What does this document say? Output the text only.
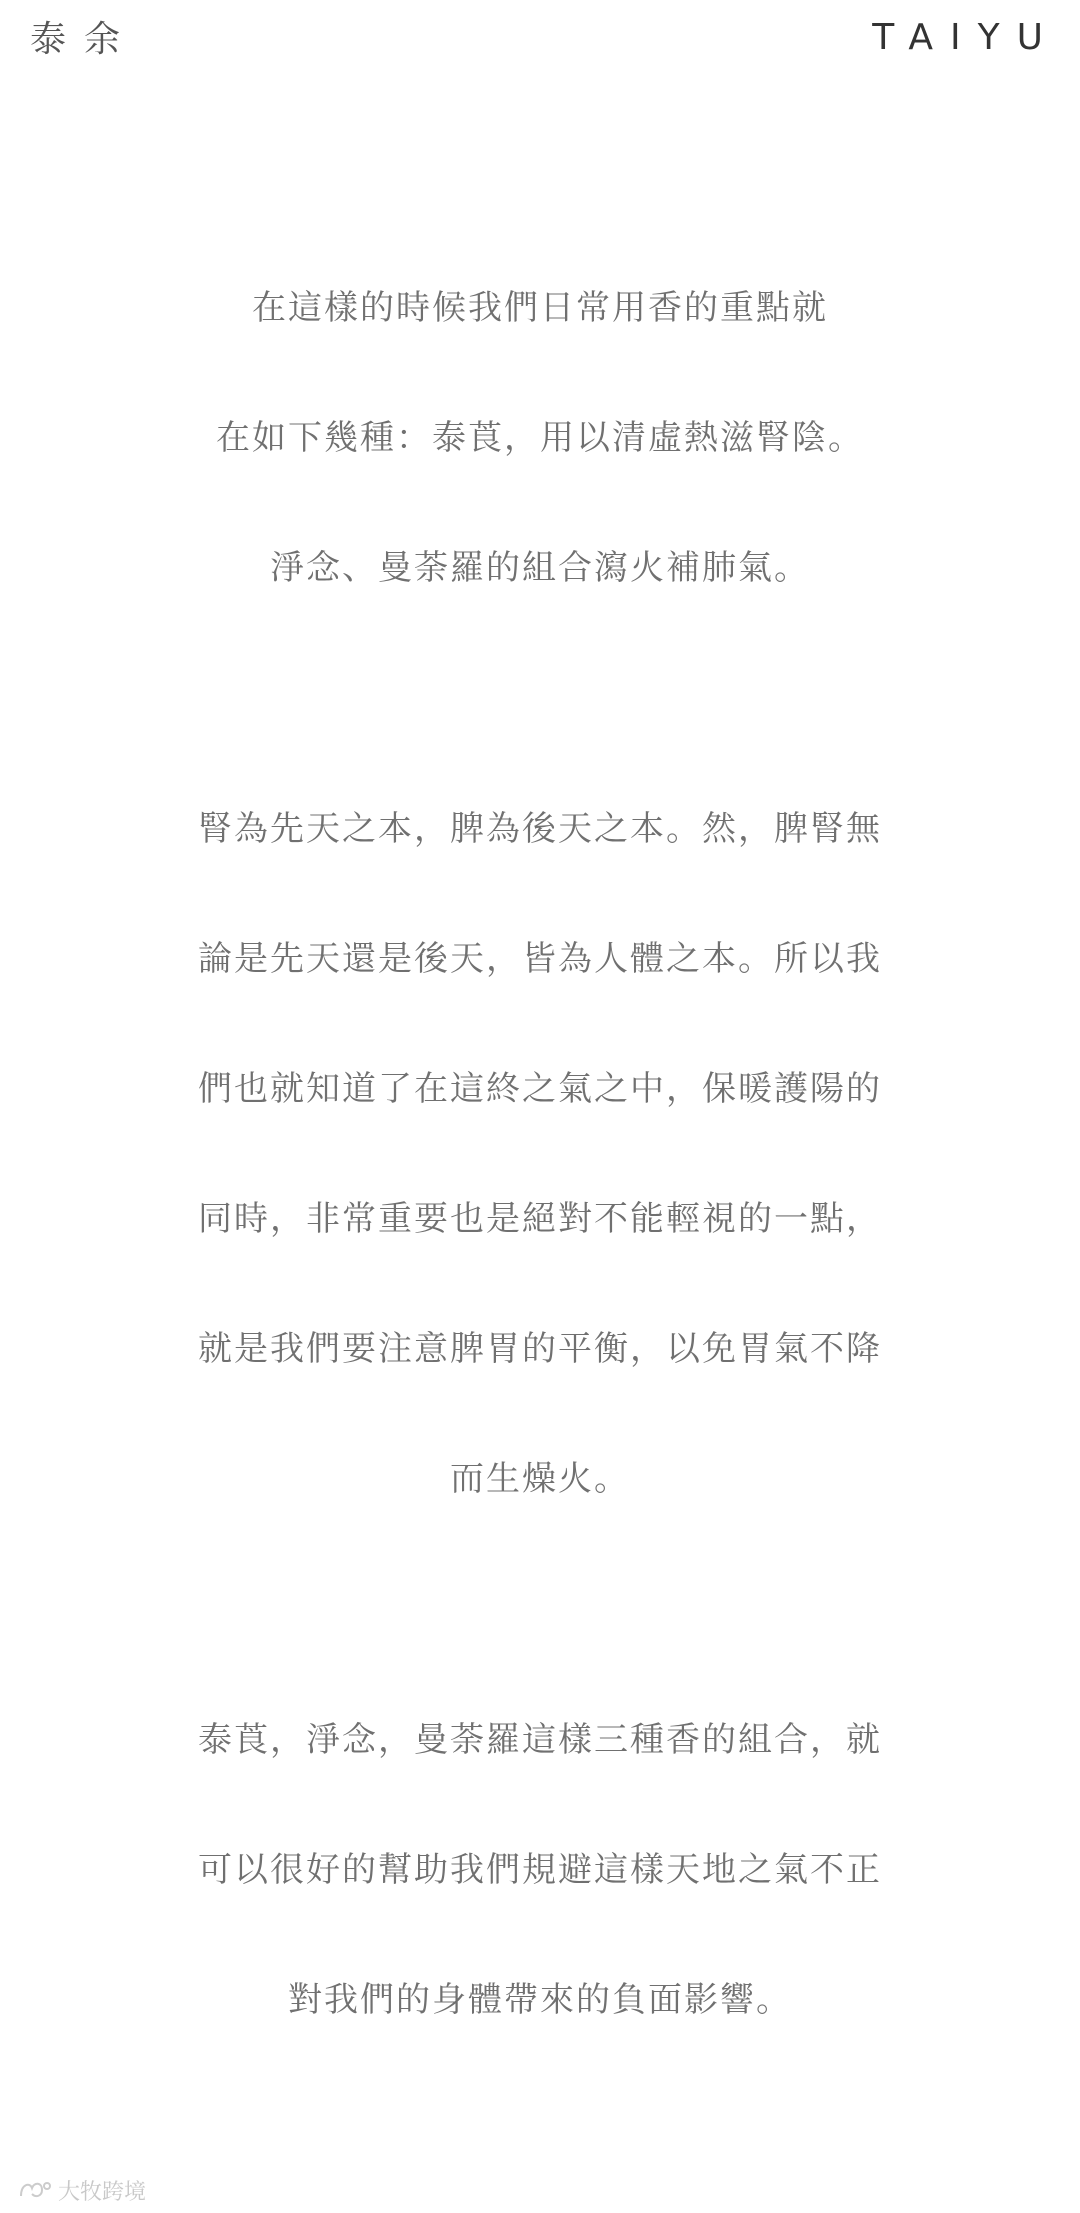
泰余	TAIYU
在這樣的時候我們日常用香的重點就
在如下幾種：泰莨，用以清虛熱滋腎陰。
淨念、曼荼羅的組合瀉火補肺氣。
腎為先天之本，脾為後天之本。然，脾腎無
論是先天還是後天，皆為人體之本。所以我
們也就知道了在這終之氣之中，保暖護陽的
同時，非常重要也是絕對不能輕視的一點，
就是我們要注意脾胃的平衡，以免胃氣不降
而生燥火。
泰莨，淨念，曼荼羅這樣三種香的組合，就
可以很好的幫助我們規避這樣天地之氣不正
對我們的身體帶來的負面影響。
大牧跨境
